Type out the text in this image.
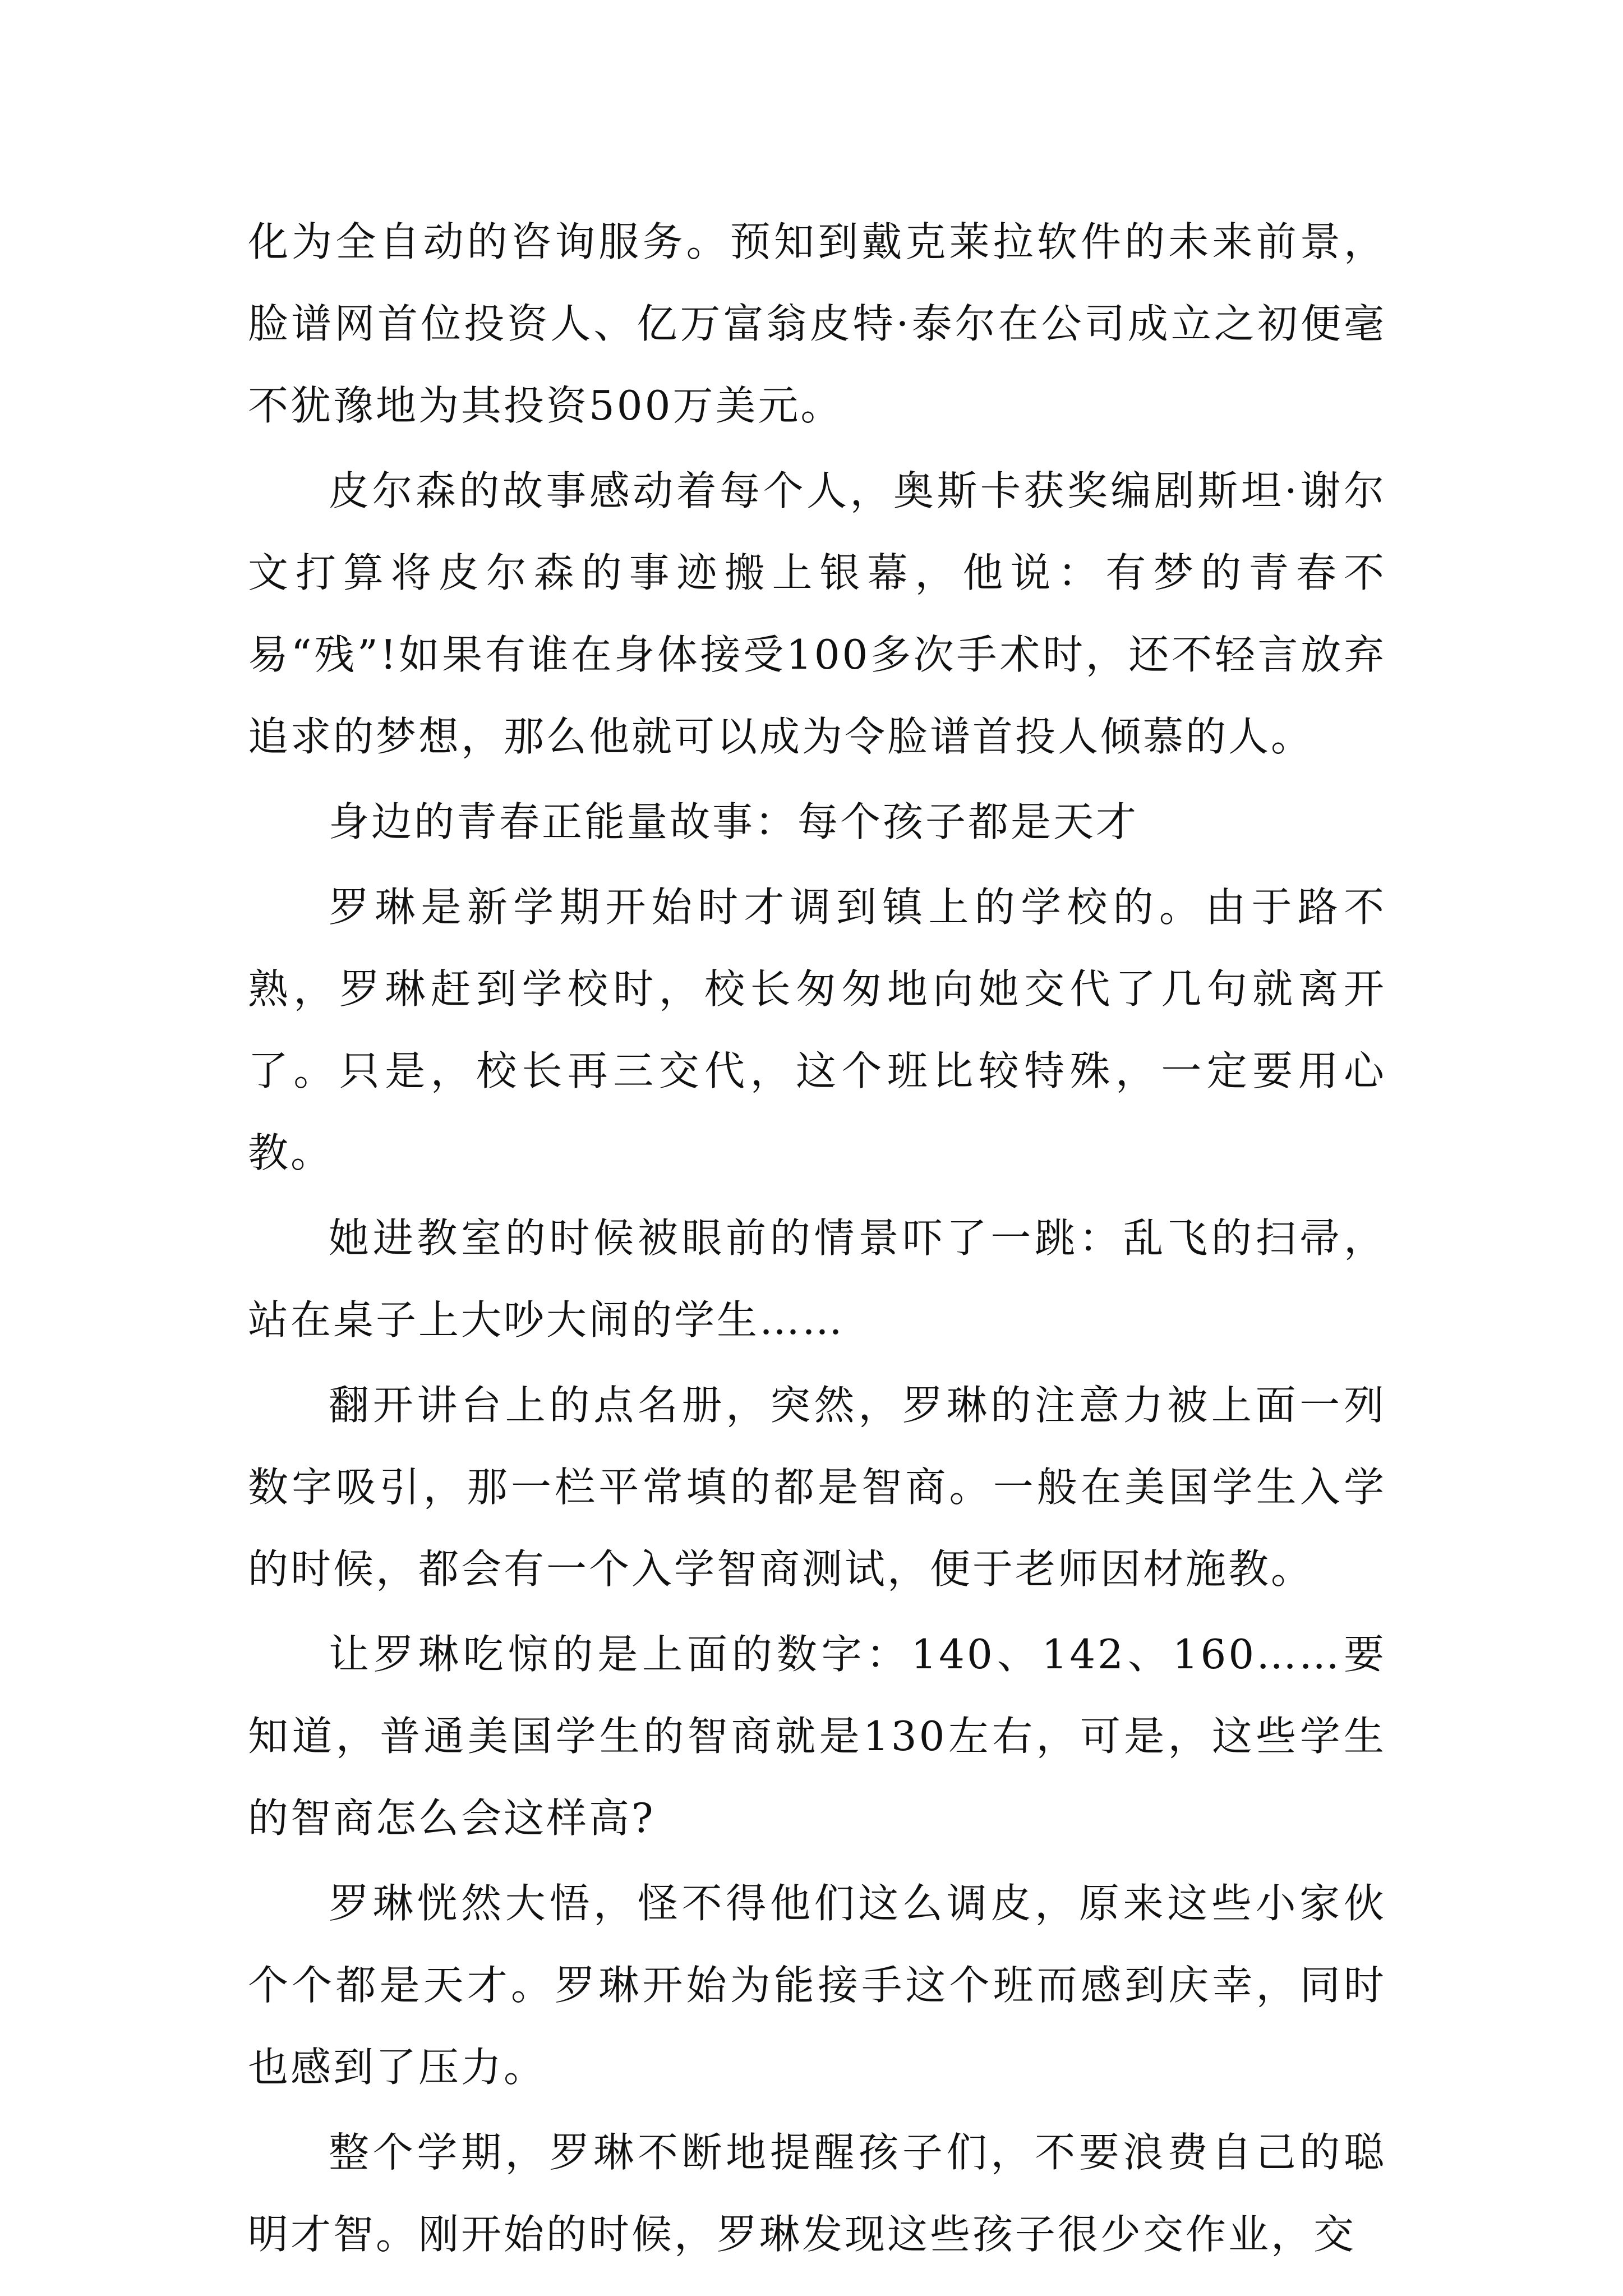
化为全自动的咨询服务。预知到戴克莱拉软件的未来前景，脸谱网首位投资人、亿万富翁皮特·泰尔在公司成立之初便毫不犹豫地为其投资500万美元。

皮尔森的故事感动着每个人，奥斯卡获奖编剧斯坦·谢尔文打算将皮尔森的事迹搬上银幕，他说：有梦的青春不易“残”!如果有谁在身体接受100多次手术时，还不轻言放弃追求的梦想，那么他就可以成为令脸谱首投人倾慕的人。

身边的青春正能量故事：每个孩子都是天才

罗琳是新学期开始时才调到镇上的学校的。由于路不熟，罗琳赶到学校时，校长匆匆地向她交代了几句就离开了。只是，校长再三交代，这个班比较特殊，一定要用心教。

她进教室的时候被眼前的情景吓了一跳：乱飞的扫帚，站在桌子上大吵大闹的学生……

翻开讲台上的点名册，突然，罗琳的注意力被上面一列数字吸引，那一栏平常填的都是智商。一般在美国学生入学的时候，都会有一个入学智商测试，便于老师因材施教。

让罗琳吃惊的是上面的数字：140、142、160……要知道，普通美国学生的智商就是130左右，可是，这些学生的智商怎么会这样高?

罗琳恍然大悟，怪不得他们这么调皮，原来这些小家伙个个都是天才。罗琳开始为能接手这个班而感到庆幸，同时也感到了压力。

整个学期，罗琳不断地提醒孩子们，不要浪费自己的聪明才智。刚开始的时候，罗琳发现这些孩子很少交作业，交
